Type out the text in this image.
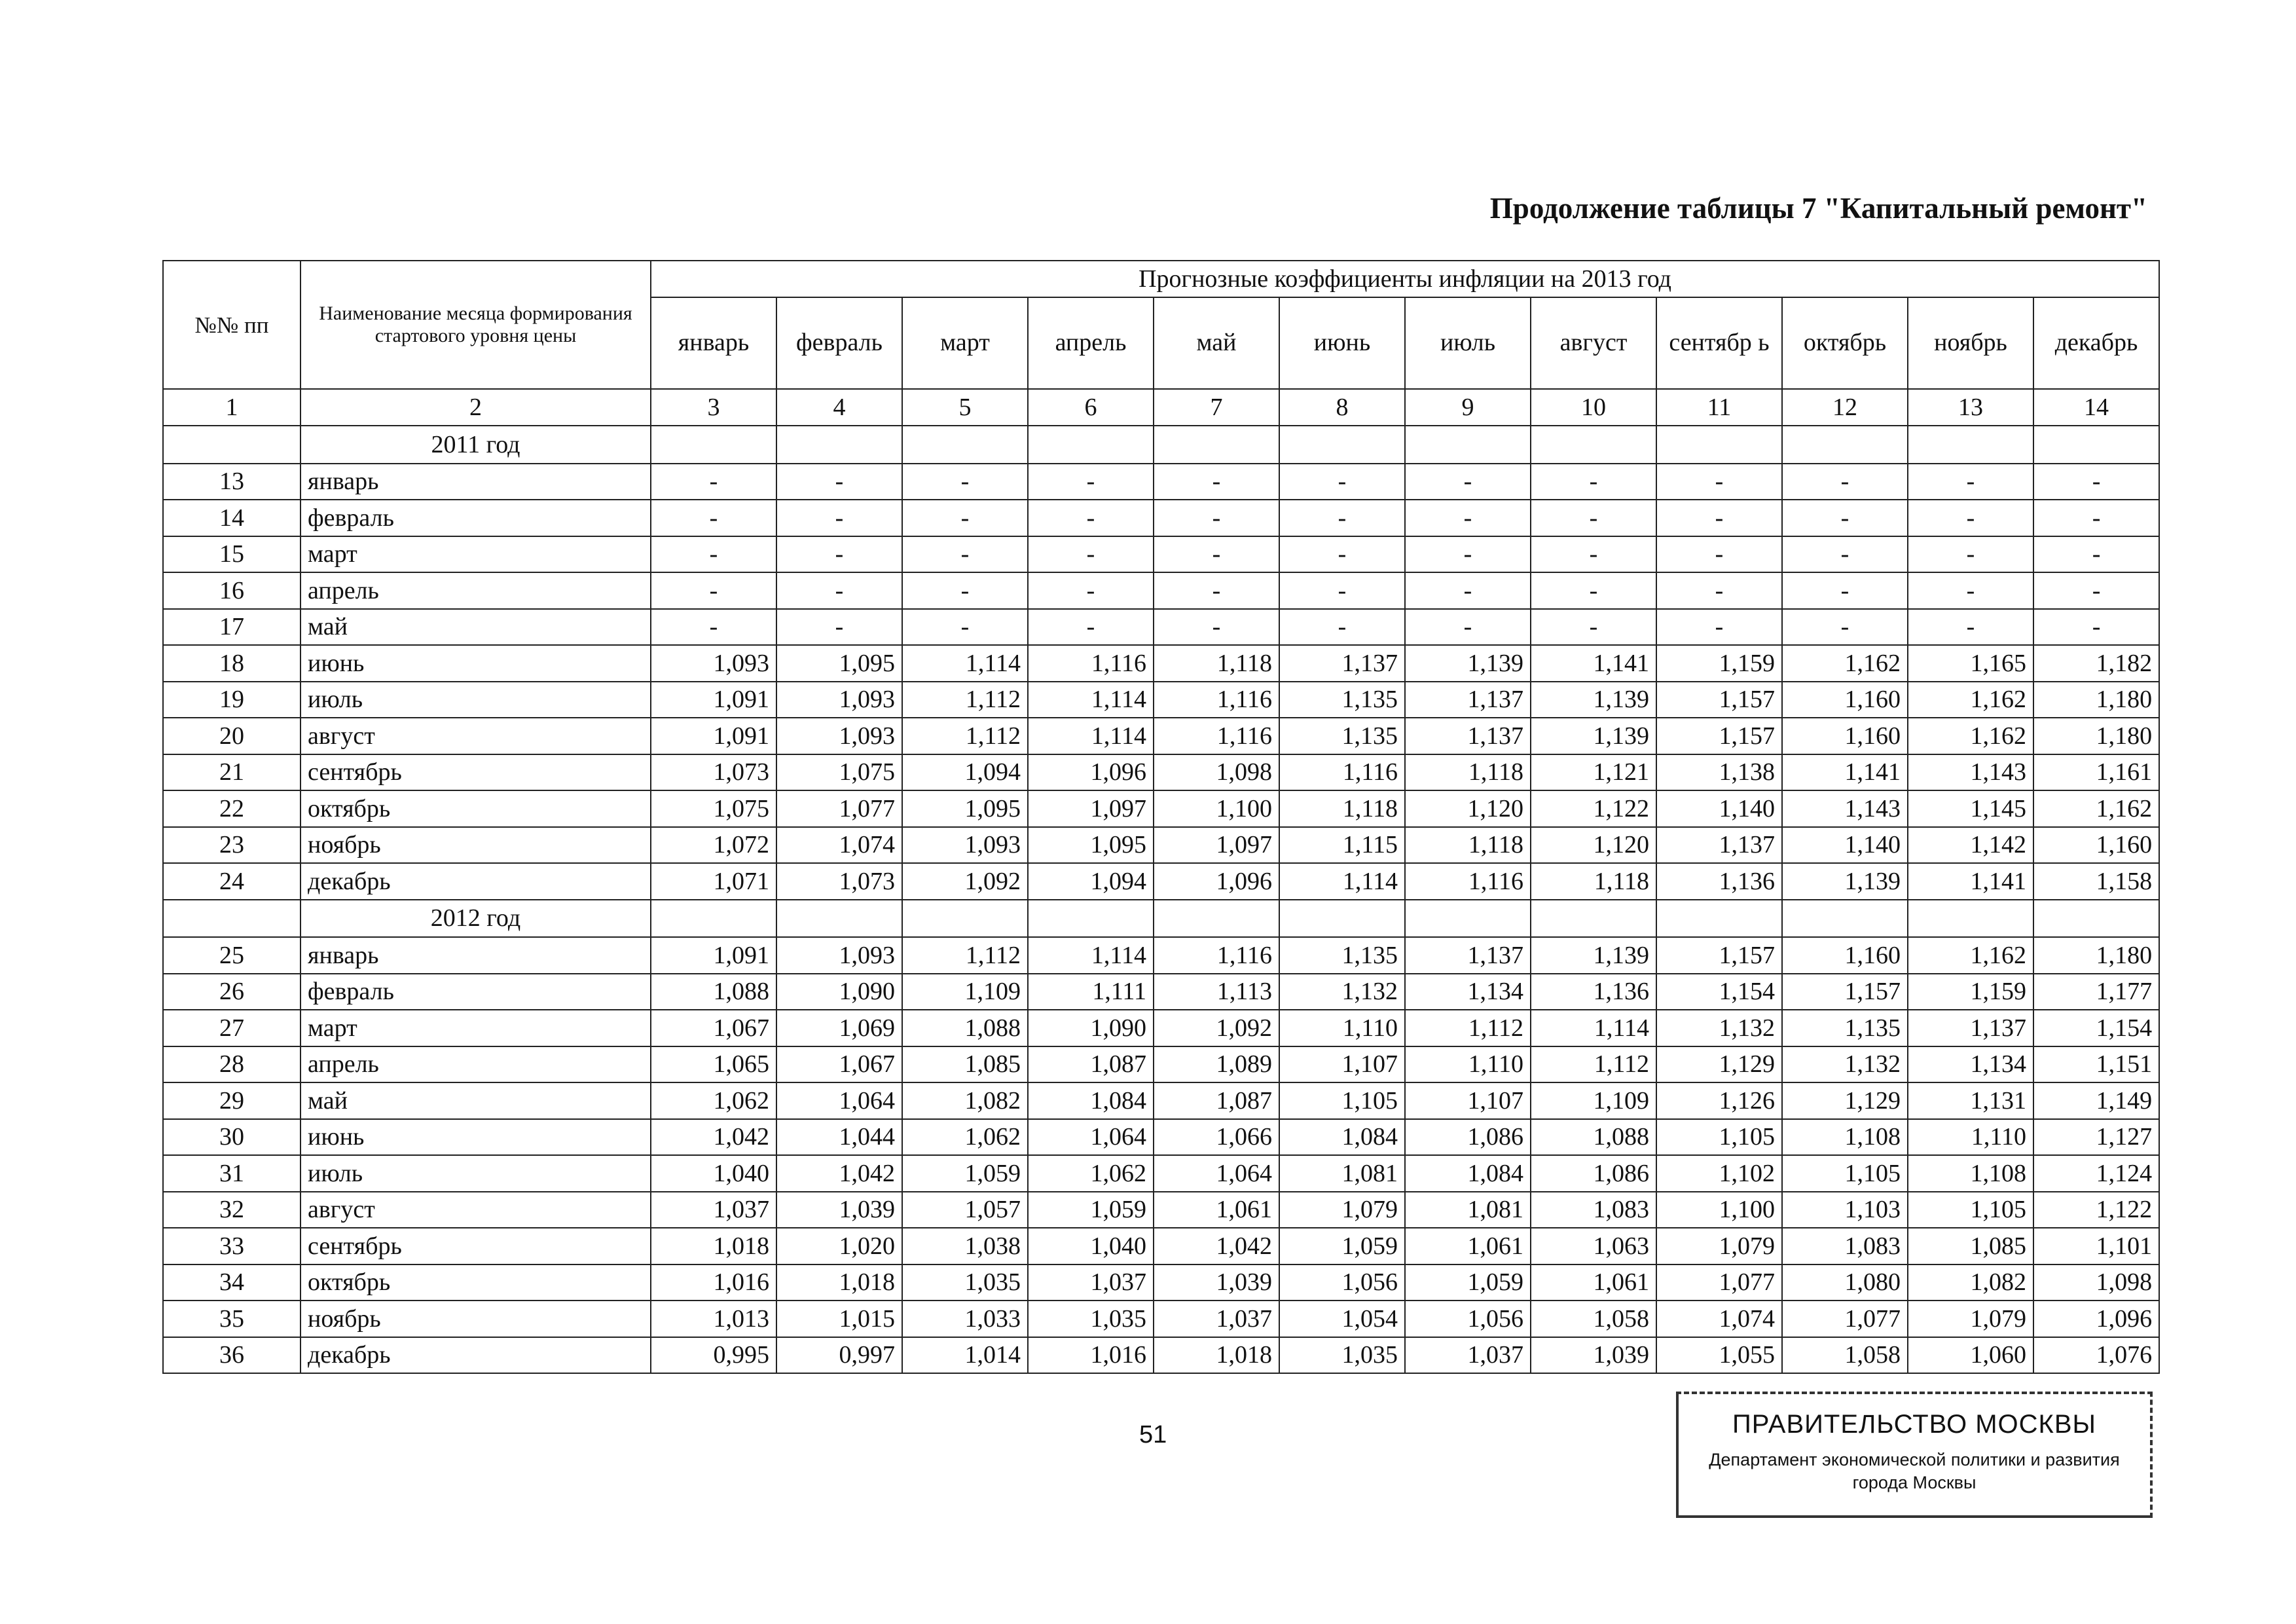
Продолжение таблицы 7 "Капитальный ремонт"
№№ пп	Наименование месяца формирования стартового уровня цены	Прогнозные коэффициенты инфляции на 2013 год											
		январь	февраль	март	апрель	май	июнь	июль	август	сентябр ь	октябрь	ноябрь	декабрь
1	2	3	4	5	6	7	8	9	10	11	12	13	14
	2011 год												
13	январь	-	-	-	-	-	-	-	-	-	-	-	-
14	февраль	-	-	-	-	-	-	-	-	-	-	-	-
15	март	-	-	-	-	-	-	-	-	-	-	-	-
16	апрель	-	-	-	-	-	-	-	-	-	-	-	-
17	май	-	-	-	-	-	-	-	-	-	-	-	-
18	июнь	1,093	1,095	1,114	1,116	1,118	1,137	1,139	1,141	1,159	1,162	1,165	1,182
19	июль	1,091	1,093	1,112	1,114	1,116	1,135	1,137	1,139	1,157	1,160	1,162	1,180
20	август	1,091	1,093	1,112	1,114	1,116	1,135	1,137	1,139	1,157	1,160	1,162	1,180
21	сентябрь	1,073	1,075	1,094	1,096	1,098	1,116	1,118	1,121	1,138	1,141	1,143	1,161
22	октябрь	1,075	1,077	1,095	1,097	1,100	1,118	1,120	1,122	1,140	1,143	1,145	1,162
23	ноябрь	1,072	1,074	1,093	1,095	1,097	1,115	1,118	1,120	1,137	1,140	1,142	1,160
24	декабрь	1,071	1,073	1,092	1,094	1,096	1,114	1,116	1,118	1,136	1,139	1,141	1,158
	2012 год												
25	январь	1,091	1,093	1,112	1,114	1,116	1,135	1,137	1,139	1,157	1,160	1,162	1,180
26	февраль	1,088	1,090	1,109	1,111	1,113	1,132	1,134	1,136	1,154	1,157	1,159	1,177
27	март	1,067	1,069	1,088	1,090	1,092	1,110	1,112	1,114	1,132	1,135	1,137	1,154
28	апрель	1,065	1,067	1,085	1,087	1,089	1,107	1,110	1,112	1,129	1,132	1,134	1,151
29	май	1,062	1,064	1,082	1,084	1,087	1,105	1,107	1,109	1,126	1,129	1,131	1,149
30	июнь	1,042	1,044	1,062	1,064	1,066	1,084	1,086	1,088	1,105	1,108	1,110	1,127
31	июль	1,040	1,042	1,059	1,062	1,064	1,081	1,084	1,086	1,102	1,105	1,108	1,124
32	август	1,037	1,039	1,057	1,059	1,061	1,079	1,081	1,083	1,100	1,103	1,105	1,122
33	сентябрь	1,018	1,020	1,038	1,040	1,042	1,059	1,061	1,063	1,079	1,083	1,085	1,101
34	октябрь	1,016	1,018	1,035	1,037	1,039	1,056	1,059	1,061	1,077	1,080	1,082	1,098
35	ноябрь	1,013	1,015	1,033	1,035	1,037	1,054	1,056	1,058	1,074	1,077	1,079	1,096
36	декабрь	0,995	0,997	1,014	1,016	1,018	1,035	1,037	1,039	1,055	1,058	1,060	1,076
51	ПРАВИТЕЛЬСТВО МОСКВЫ
Департамент экономической политики и развития города Москвы
